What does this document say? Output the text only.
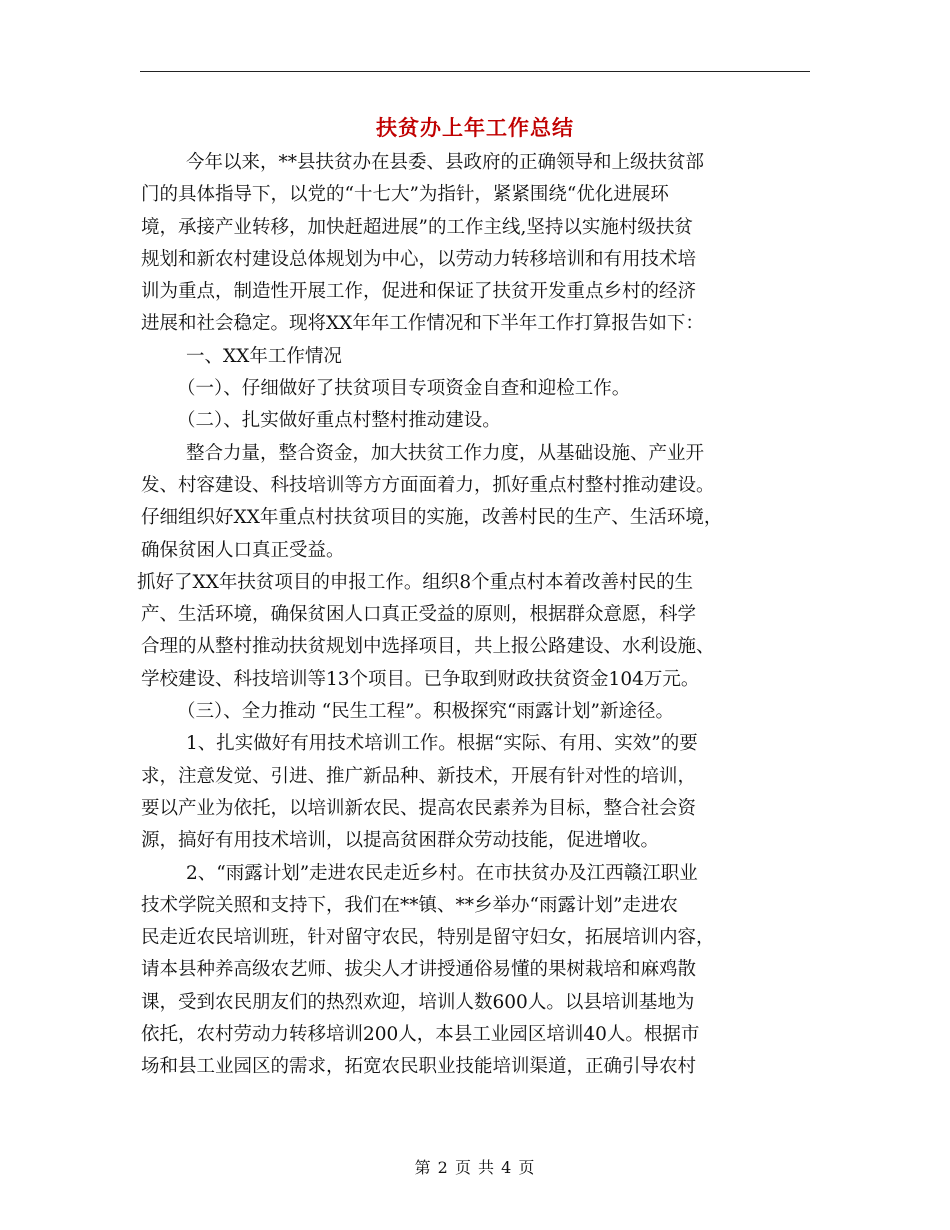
扶贫办上年工作总结
今年以来，**县扶贫办在县委、县政府的正确领导和上级扶贫部
门的具体指导下，以党的“十七大”为指针，紧紧围绕“优化进展环
境，承接产业转移，加快赶超进展”的工作主线,坚持以实施村级扶贫
规划和新农村建设总体规划为中心，以劳动力转移培训和有用技术培
训为重点，制造性开展工作，促进和保证了扶贫开发重点乡村的经济
进展和社会稳定。现将XX年年工作情况和下半年工作打算报告如下：
一、XX年工作情况
（一）、仔细做好了扶贫项目专项资金自查和迎检工作。
（二）、扎实做好重点村整村推动建设。
整合力量，整合资金，加大扶贫工作力度，从基础设施、产业开
发、村容建设、科技培训等方方面面着力，抓好重点村整村推动建设。
仔细组织好XX年重点村扶贫项目的实施，改善村民的生产、生活环境，
确保贫困人口真正受益。
抓好了XX年扶贫项目的申报工作。组织8个重点村本着改善村民的生
产、生活环境，确保贫困人口真正受益的原则，根据群众意愿，科学
合理的从整村推动扶贫规划中选择项目，共上报公路建设、水利设施、
学校建设、科技培训等13个项目。已争取到财政扶贫资金104万元。
（三）、全力推动 “民生工程”。积极探究“雨露计划”新途径。
1、扎实做好有用技术培训工作。根据“实际、有用、实效”的要
求，注意发觉、引进、推广新品种、新技术，开展有针对性的培训，
要以产业为依托，以培训新农民、提高农民素养为目标，整合社会资
源，搞好有用技术培训，以提高贫困群众劳动技能，促进增收。
2、“雨露计划”走进农民走近乡村。在市扶贫办及江西赣江职业
技术学院关照和支持下，我们在**镇、**乡举办“雨露计划”走进农
民走近农民培训班，针对留守农民，特别是留守妇女，拓展培训内容，
请本县种养高级农艺师、拔尖人才讲授通俗易懂的果树栽培和麻鸡散
课，受到农民朋友们的热烈欢迎，培训人数600人。以县培训基地为
依托，农村劳动力转移培训200人，本县工业园区培训40人。根据市
场和县工业园区的需求，拓宽农民职业技能培训渠道，正确引导农村
第 2 页 共 4 页
